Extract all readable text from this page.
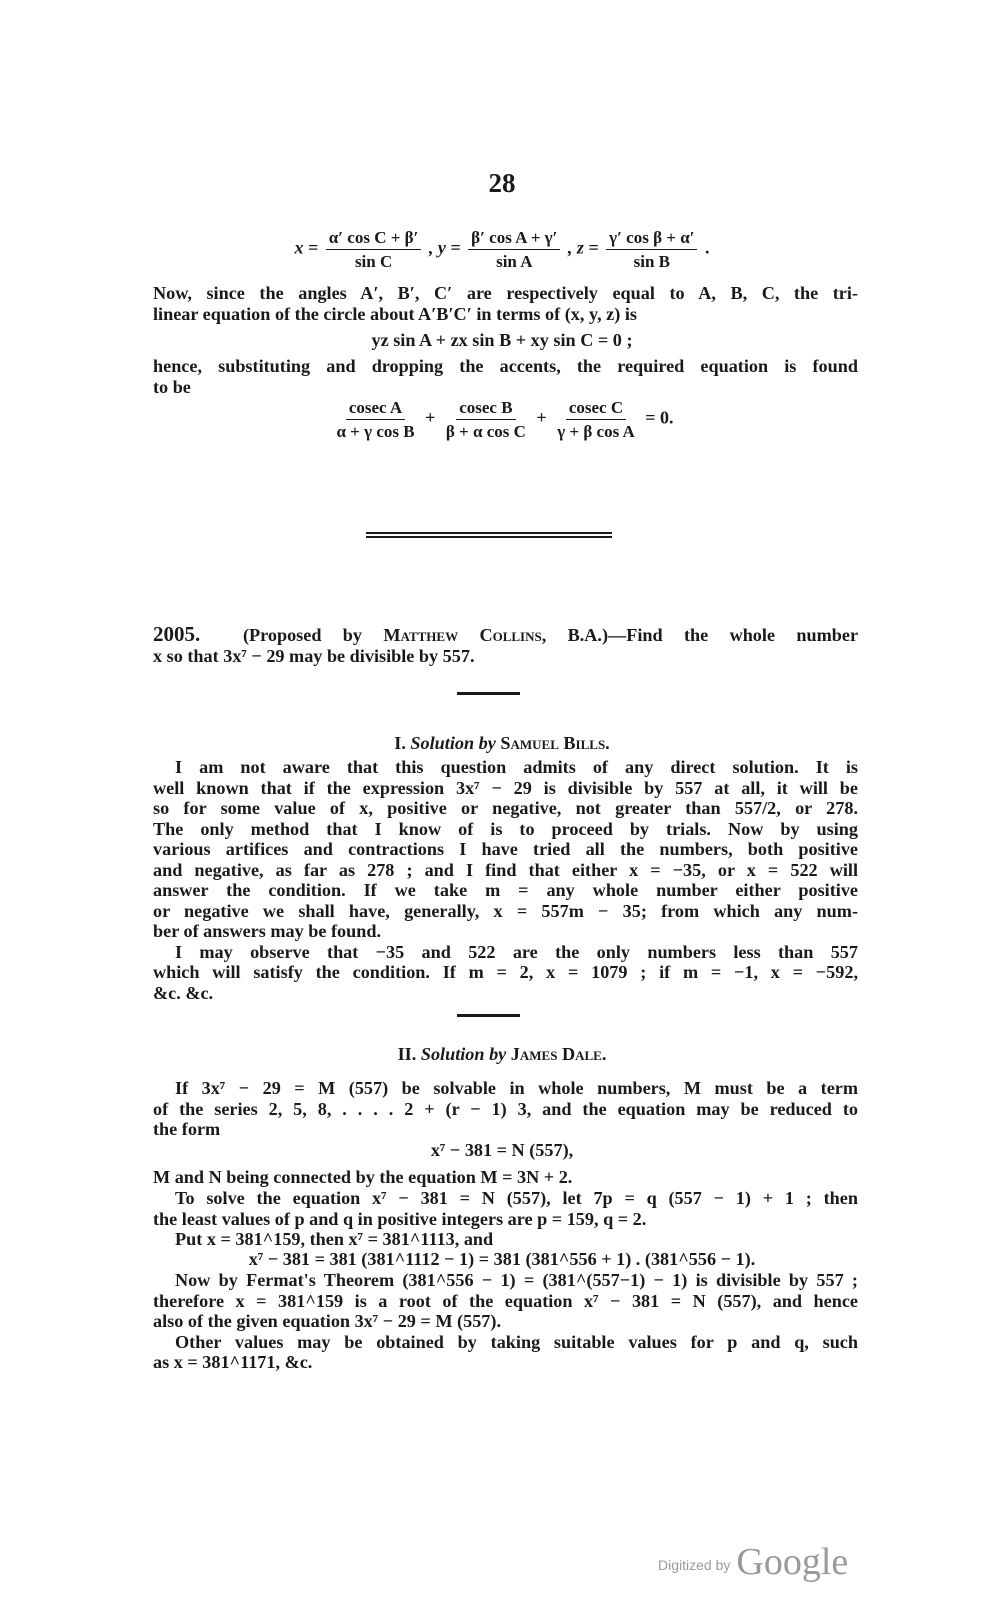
28
$x = \frac{\text{α′ cos C + β′}}{\text{sin C}}$ , $y = \frac{\text{β′ cos A + γ′}}{\text{sin A}}$ , $z = \frac{\text{γ′ cos β + α′}}{\text{sin B}}$ .
Now, since the angles A′, B′, C′ are respectively equal to A, B, C, the tri-
linear equation of the circle about A′B′C′ in terms of (x, y, z) is
yz sin A + zx sin B + xy sin C = 0 ;
hence, substituting and dropping the accents, the required equation is found
to be
$\frac{\text{cosec A}}{\text{α + γ cos B}} + \frac{\text{cosec B}}{\text{β + α cos C}} + \frac{\text{cosec C}}{\text{γ + β cos A}} = 0$.
2005. (Proposed by Matthew Collins, B.A.)—Find the whole number
x so that 3x⁷ − 29 may be divisible by 557.
I. Solution by Samuel Bills.
I am not aware that this question admits of any direct solution. It is
well known that if the expression 3x⁷ − 29 is divisible by 557 at all, it will be
so for some value of x, positive or negative, not greater than 557/2, or 278.
The only method that I know of is to proceed by trials. Now by using
various artifices and contractions I have tried all the numbers, both positive
and negative, as far as 278 ; and I find that either x = −35, or x = 522 will
answer the condition. If we take m = any whole number either positive
or negative we shall have, generally, x = 557m − 35; from which any num-
ber of answers may be found.
I may observe that −35 and 522 are the only numbers less than 557
which will satisfy the condition. If m = 2, x = 1079 ; if m = −1, x = −592,
&c. &c.
II. Solution by James Dale.
If 3x⁷ − 29 = M (557) be solvable in whole numbers, M must be a term
of the series 2, 5, 8, . . . . 2 + (r − 1) 3, and the equation may be reduced to
the form
x⁷ − 381 = N (557),
M and N being connected by the equation M = 3N + 2.
To solve the equation x⁷ − 381 = N (557), let 7p = q (557 − 1) + 1 ; then
the least values of p and q in positive integers are p = 159, q = 2.
Put x = 381^159, then x⁷ = 381^1113, and
x⁷ − 381 = 381 (381^1112 − 1) = 381 (381^556 + 1) . (381^556 − 1).
Now by Fermat's Theorem (381^556 − 1) = (381^(557−1) − 1) is divisible by 557 ;
therefore x = 381^159 is a root of the equation x⁷ − 381 = N (557), and hence
also of the given equation 3x⁷ − 29 = M (557).
Other values may be obtained by taking suitable values for p and q, such
as x = 381^1171, &c.
Digitized by Google
